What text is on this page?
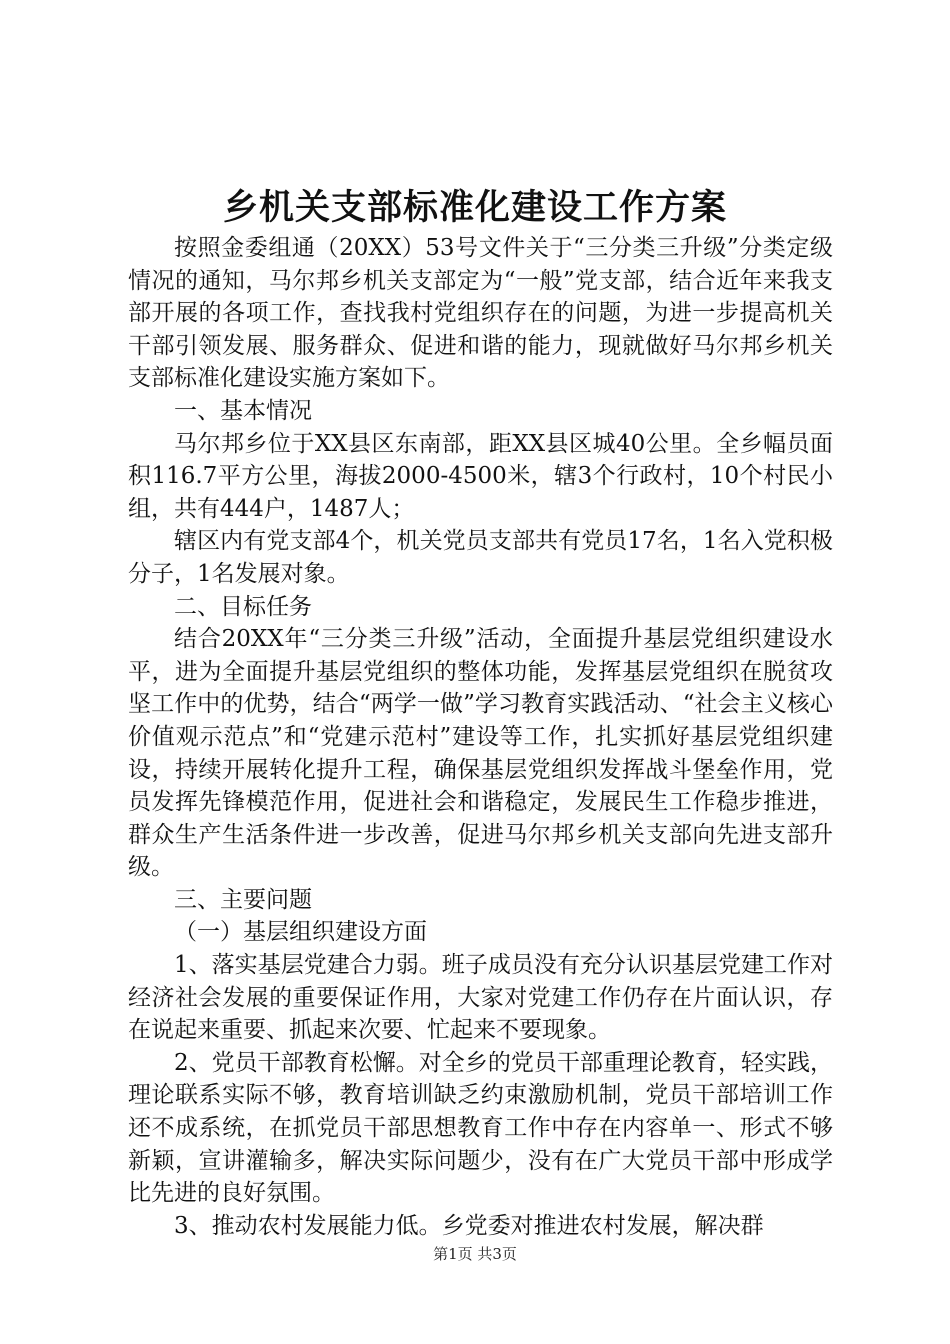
乡机关支部标准化建设工作方案

按照金委组通（20XX）53号文件关于“三分类三升级”分类定级情况的通知，马尔邦乡机关支部定为“一般”党支部，结合近年来我支部开展的各项工作，查找我村党组织存在的问题，为进一步提高机关干部引领发展、服务群众、促进和谐的能力，现就做好马尔邦乡机关支部标准化建设实施方案如下。

一、基本情况

马尔邦乡位于XX县区东南部，距XX县区城40公里。全乡幅员面积116.7平方公里，海拔2000-4500米，辖3个行政村，10个村民小组，共有444户，1487人；

辖区内有党支部4个，机关党员支部共有党员17名，1名入党积极分子，1名发展对象。

二、目标任务

结合20XX年“三分类三升级”活动，全面提升基层党组织建设水平，进为全面提升基层党组织的整体功能，发挥基层党组织在脱贫攻坚工作中的优势，结合“两学一做”学习教育实践活动、“社会主义核心价值观示范点”和“党建示范村”建设等工作，扎实抓好基层党组织建设，持续开展转化提升工程，确保基层党组织发挥战斗堡垒作用，党员发挥先锋模范作用，促进社会和谐稳定，发展民生工作稳步推进，群众生产生活条件进一步改善，促进马尔邦乡机关支部向先进支部升级。

三、主要问题

（一）基层组织建设方面

1、落实基层党建合力弱。班子成员没有充分认识基层党建工作对经济社会发展的重要保证作用，大家对党建工作仍存在片面认识，存在说起来重要、抓起来次要、忙起来不要现象。

2、党员干部教育松懈。对全乡的党员干部重理论教育，轻实践，理论联系实际不够，教育培训缺乏约束激励机制，党员干部培训工作还不成系统，在抓党员干部思想教育工作中存在内容单一、形式不够新颖，宣讲灌输多，解决实际问题少，没有在广大党员干部中形成学比先进的良好氛围。

3、推动农村发展能力低。乡党委对推进农村发展，解决群

第1页 共3页
